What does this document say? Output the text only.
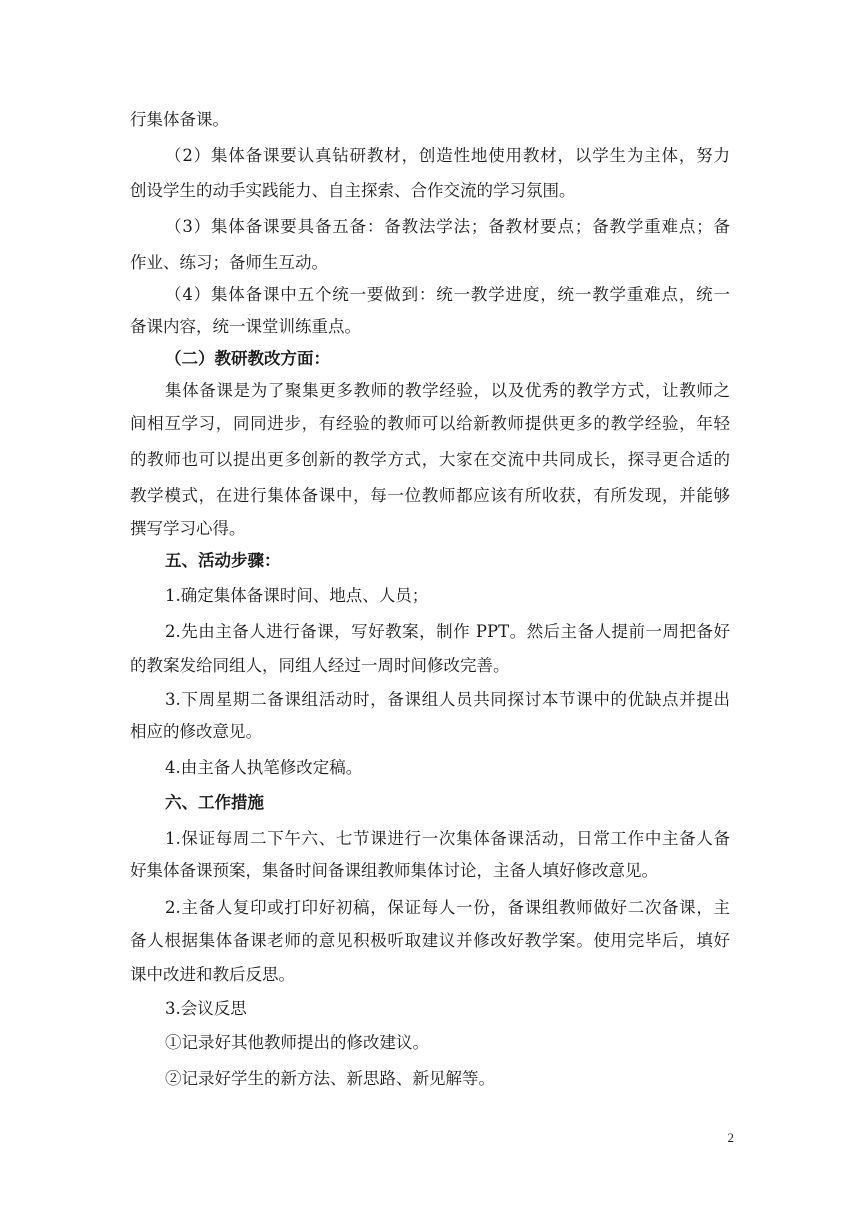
行集体备课。
（2）集体备课要认真钻研教材，创造性地使用教材，以学生为主体，努力
创设学生的动手实践能力、自主探索、合作交流的学习氛围。
（3）集体备课要具备五备：备教法学法；备教材要点；备教学重难点；备
作业、练习；备师生互动。
（4）集体备课中五个统一要做到：统一教学进度，统一教学重难点，统一
备课内容，统一课堂训练重点。
（二）教研教改方面：
集体备课是为了聚集更多教师的教学经验，以及优秀的教学方式，让教师之
间相互学习，同同进步，有经验的教师可以给新教师提供更多的教学经验，年轻
的教师也可以提出更多创新的教学方式，大家在交流中共同成长，探寻更合适的
教学模式，在进行集体备课中，每一位教师都应该有所收获，有所发现，并能够
撰写学习心得。
五、活动步骤：
1.确定集体备课时间、地点、人员；
2.先由主备人进行备课，写好教案，制作 PPT。然后主备人提前一周把备好
的教案发给同组人，同组人经过一周时间修改完善。
3.下周星期二备课组活动时，备课组人员共同探讨本节课中的优缺点并提出
相应的修改意见。
4.由主备人执笔修改定稿。
六、工作措施
1.保证每周二下午六、七节课进行一次集体备课活动，日常工作中主备人备
好集体备课预案，集备时间备课组教师集体讨论，主备人填好修改意见。
2.主备人复印或打印好初稿，保证每人一份，备课组教师做好二次备课，主
备人根据集体备课老师的意见积极听取建议并修改好教学案。使用完毕后，填好
课中改进和教后反思。
3.会议反思
①记录好其他教师提出的修改建议。
②记录好学生的新方法、新思路、新见解等。
2
